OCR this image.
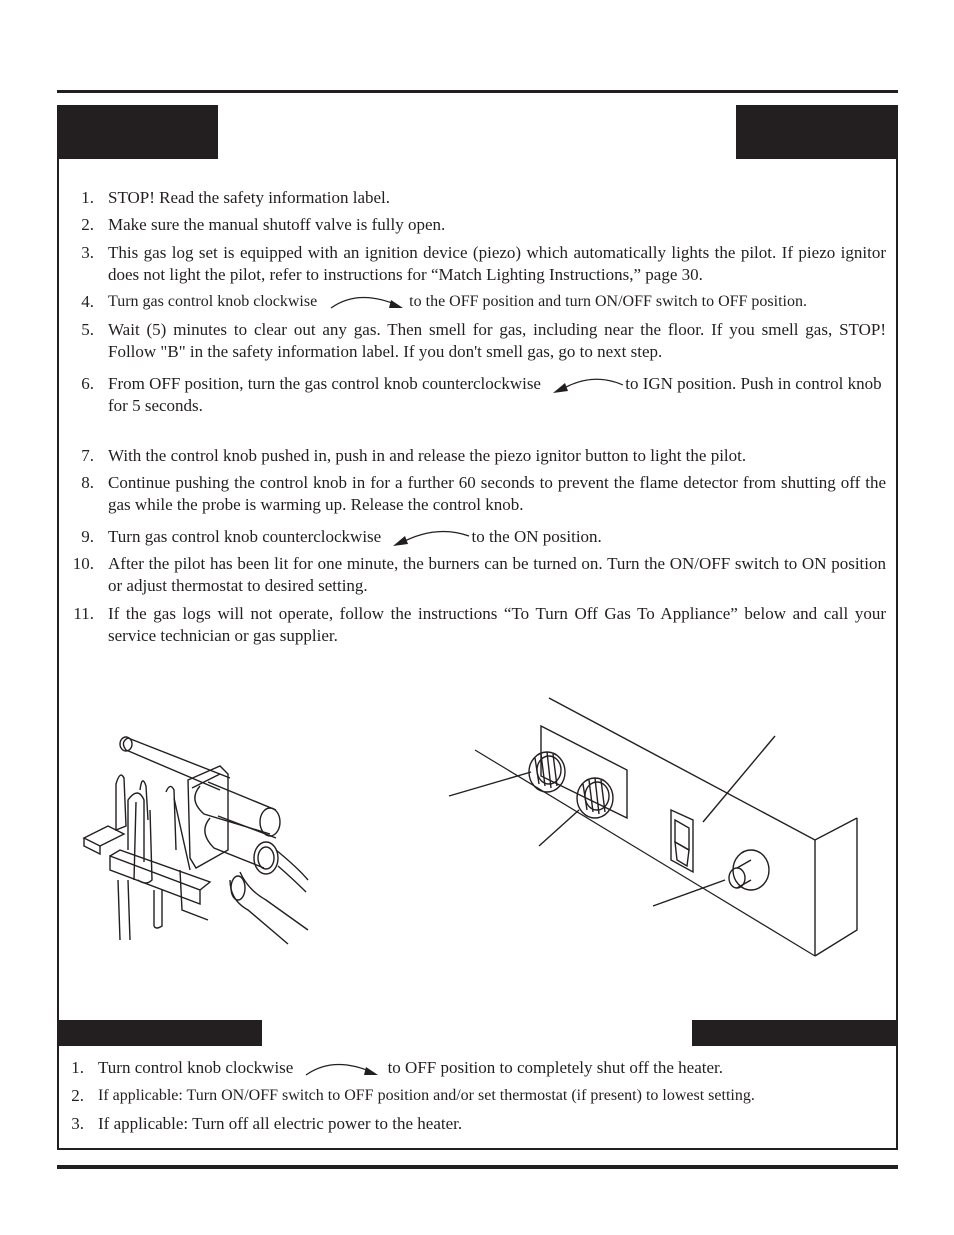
1. STOP! Read the safety information label.
2. Make sure the manual shutoff valve is fully open.
3. This gas log set is equipped with an ignition device (piezo) which automatically lights the pilot. If piezo ignitor does not light the pilot, refer to instructions for “Match Lighting Instructions,” page 30.
4. Turn gas control knob clockwise	to the OFF position and turn ON/OFF switch to OFF position.
5. Wait (5) minutes to clear out any gas. Then smell for gas, including near the floor. If you smell gas, STOP! Follow "B" in the safety information label. If you don't smell gas, go to next step.
6. From OFF position, turn the gas control knob counterclockwise	to IGN position. Push in control knob for 5 seconds.
7. With the control knob pushed in, push in and release the piezo ignitor button to light the pilot.
8. Continue pushing the control knob in for a further 60 seconds to prevent the flame detector from shutting off the gas while the probe is warming up. Release the control knob.
9. Turn gas control knob counterclockwise	to the ON position.
10. After the pilot has been lit for one minute, the burners can be turned on. Turn the ON/OFF switch to ON position or adjust thermostat to desired setting.
11. If the gas logs will not operate, follow the instructions “To Turn Off Gas To Appliance” below and call your service technician or gas supplier.
1. Turn control knob clockwise	to OFF position to completely shut off the heater.
2. If applicable: Turn ON/OFF switch to OFF position and/or set thermostat (if present) to lowest setting.
3. If applicable: Turn off all electric power to the heater.
